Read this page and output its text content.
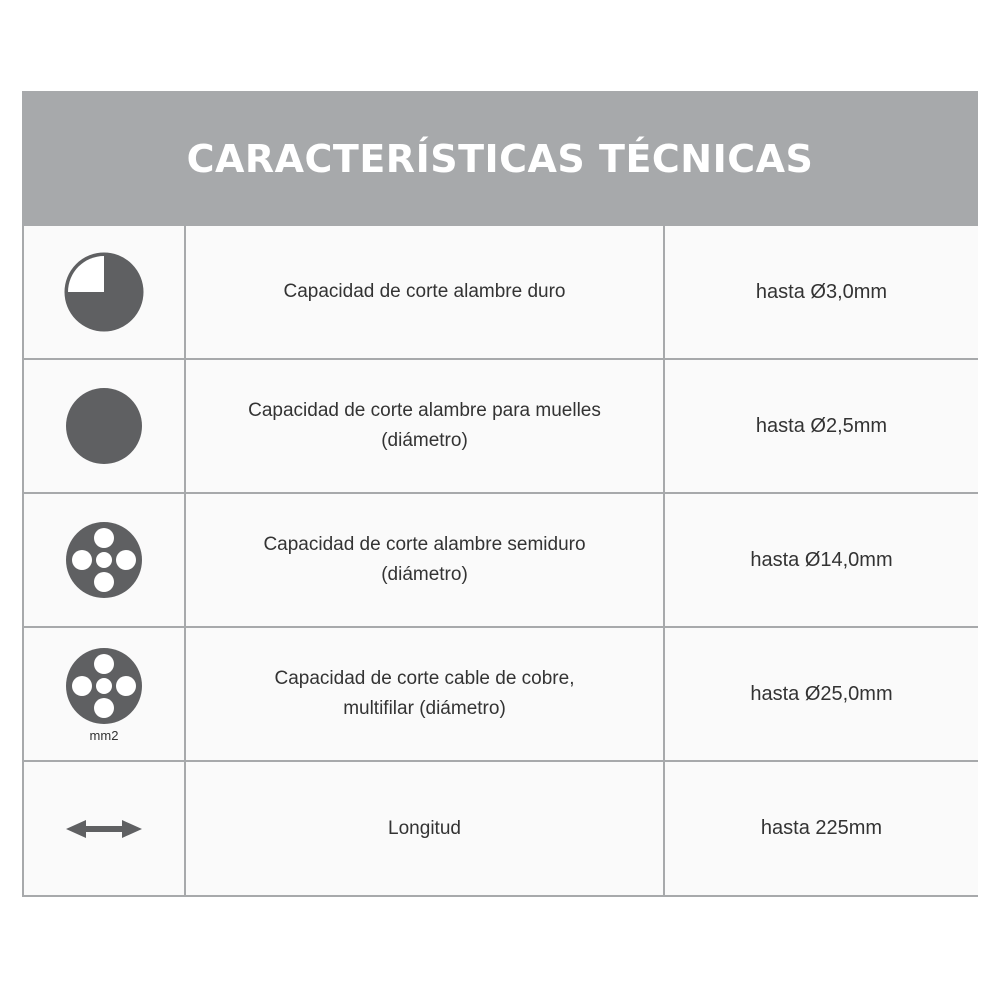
CARACTERÍSTICAS TÉCNICAS
Capacidad de corte alambre duro	hasta Ø3,0mm
Capacidad de corte alambre para muelles
(diámetro)
hasta Ø2,5mm
Capacidad de corte alambre semiduro
(diámetro)
hasta Ø14,0mm
mm2
Capacidad de corte cable de cobre,
multifilar (diámetro)
hasta Ø25,0mm
Longitud	hasta 225mm
